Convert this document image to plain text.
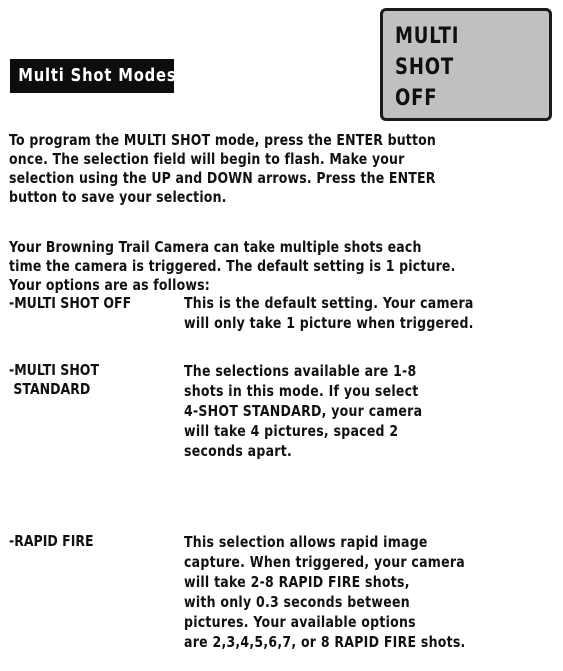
Multi Shot Modes
MULTI
SHOT
OFF
To program the MULTI SHOT mode, press the ENTER button
once. The selection field will begin to flash. Make your
selection using the UP and DOWN arrows. Press the ENTER
button to save your selection.
Your Browning Trail Camera can take multiple shots each
time the camera is triggered. The default setting is 1 picture.
Your options are as follows:
-MULTI SHOT OFF	This is the default setting. Your camera
will only take 1 picture when triggered.
-MULTI SHOT
STANDARD
The selections available are 1-8
shots in this mode. If you select
4-SHOT STANDARD, your camera
will take 4 pictures, spaced 2
seconds apart.
-RAPID FIRE	This selection allows rapid image
capture. When triggered, your camera
will take 2-8 RAPID FIRE shots,
with only 0.3 seconds between
pictures. Your available options
are 2,3,4,5,6,7, or 8 RAPID FIRE shots.
